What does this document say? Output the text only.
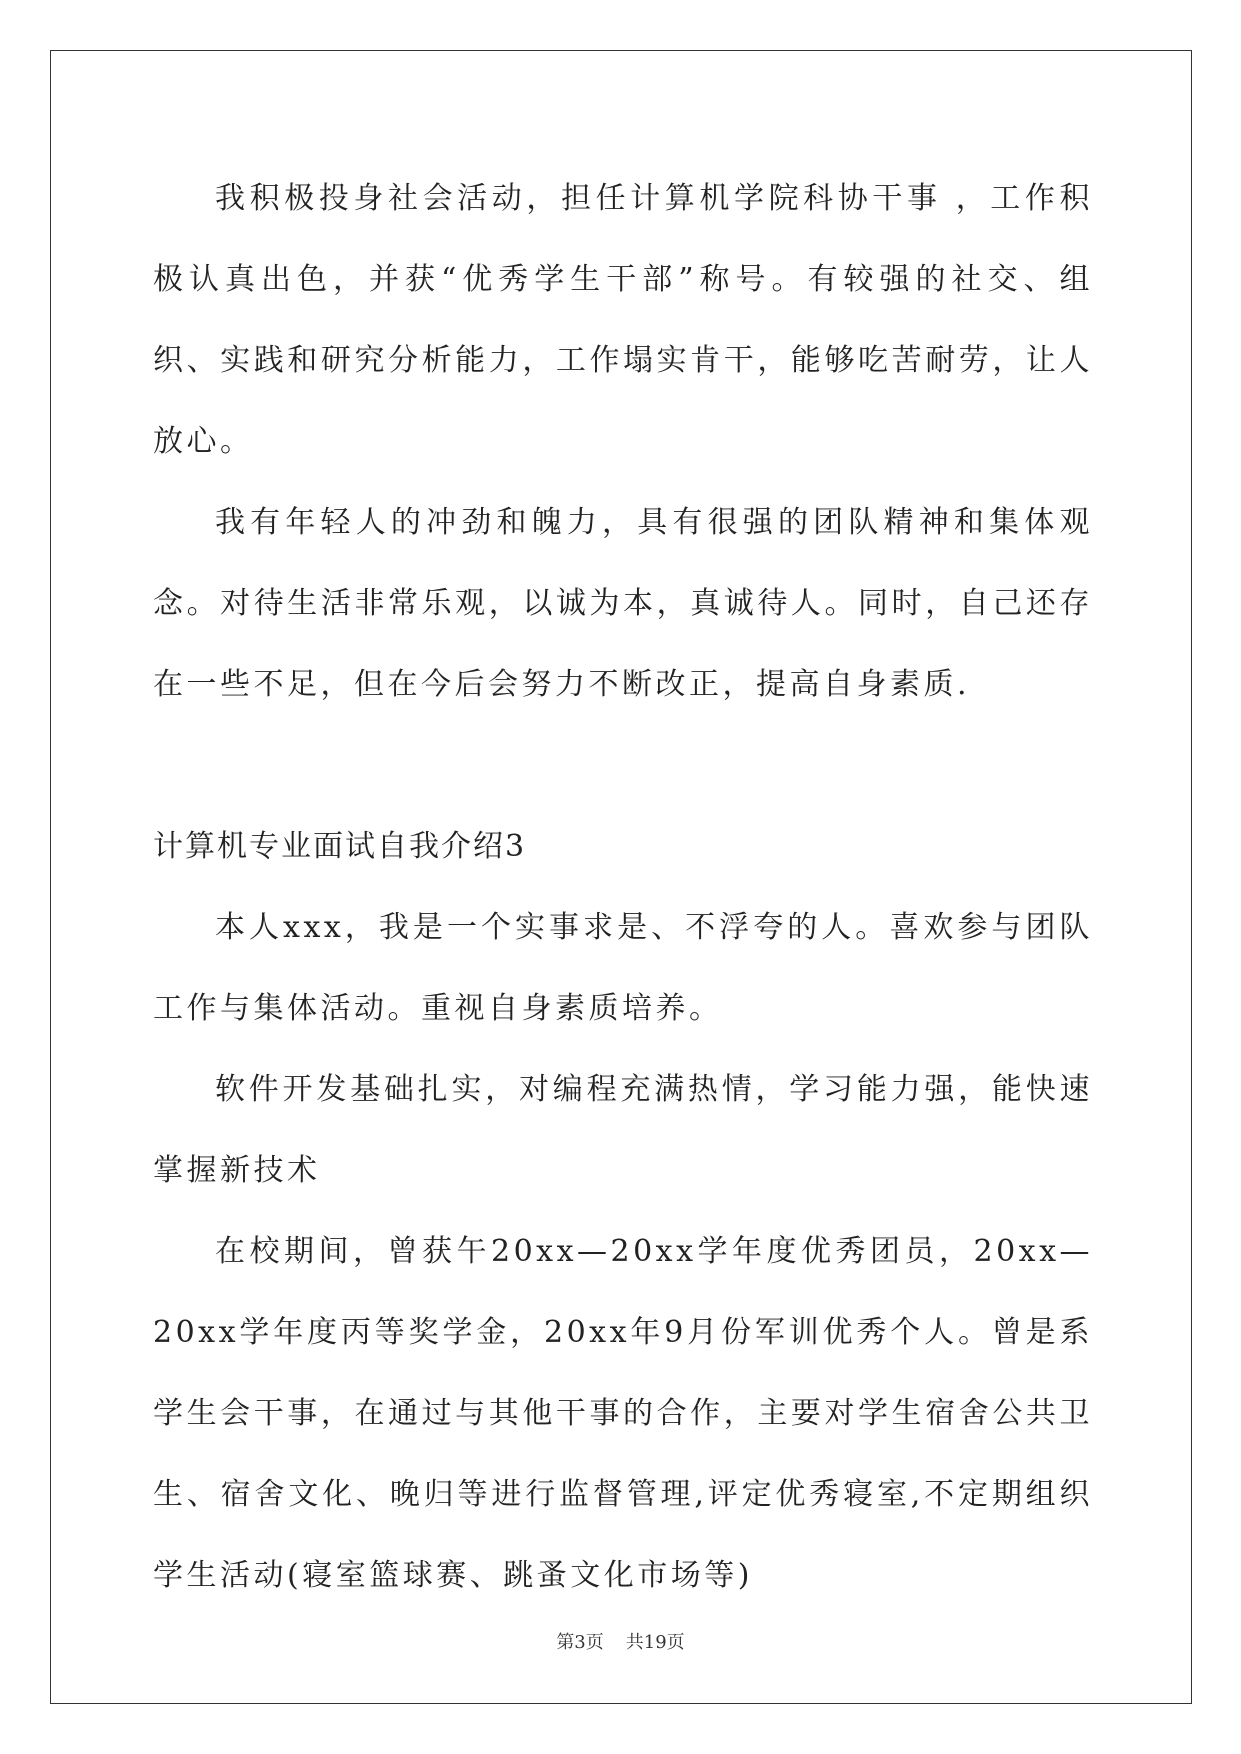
我积极投身社会活动，担任计算机学院科协干事 ，工作积极认真出色，并获“优秀学生干部”称号。有较强的社交、组织、实践和研究分析能力，工作塌实肯干，能够吃苦耐劳，让人放心。

我有年轻人的冲劲和魄力，具有很强的团队精神和集体观念。对待生活非常乐观，以诚为本，真诚待人。同时，自己还存在一些不足，但在今后会努力不断改正，提高自身素质.

计算机专业面试自我介绍3

本人xxx，我是一个实事求是、不浮夸的人。喜欢参与团队工作与集体活动。重视自身素质培养。

软件开发基础扎实，对编程充满热情，学习能力强，能快速掌握新技术

在校期间，曾获午20xx—20xx学年度优秀团员，20xx—20xx学年度丙等奖学金，20xx年9月份军训优秀个人。曾是系学生会干事，在通过与其他干事的合作，主要对学生宿舍公共卫生、宿舍文化、晚归等进行监督管理,评定优秀寝室,不定期组织学生活动(寝室篮球赛、跳蚤文化市场等)

第3页 共19页
